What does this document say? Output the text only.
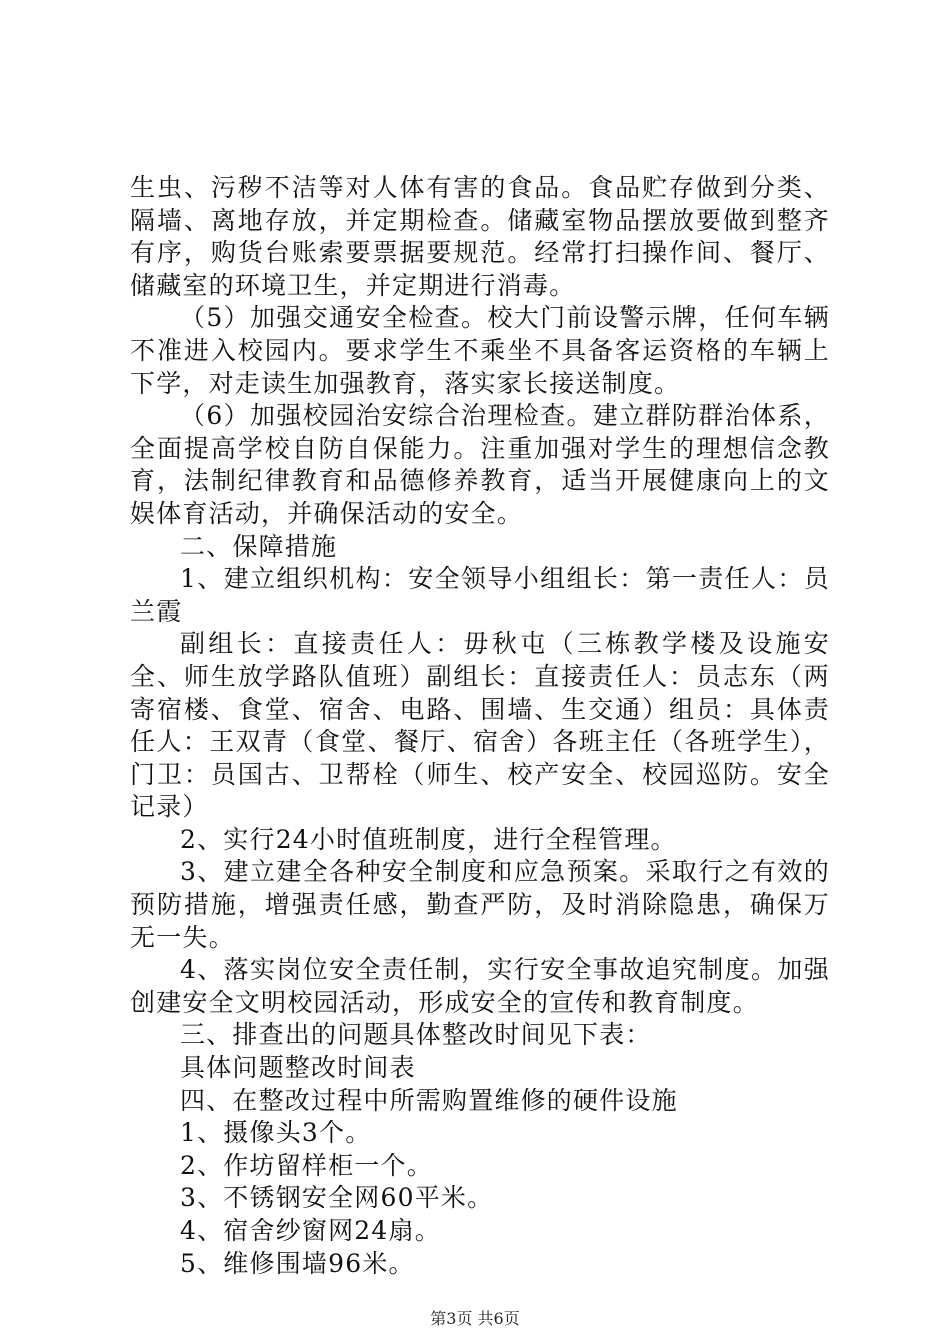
生虫、污秽不洁等对人体有害的食品。食品贮存做到分类、隔墙、离地存放，并定期检查。储藏室物品摆放要做到整齐有序，购货台账索要票据要规范。经常打扫操作间、餐厅、储藏室的环境卫生，并定期进行消毒。

（5）加强交通安全检查。校大门前设警示牌，任何车辆不准进入校园内。要求学生不乘坐不具备客运资格的车辆上下学，对走读生加强教育，落实家长接送制度。

（6）加强校园治安综合治理检查。建立群防群治体系，全面提高学校自防自保能力。注重加强对学生的理想信念教育，法制纪律教育和品德修养教育，适当开展健康向上的文娱体育活动，并确保活动的安全。

二、保障措施

1、建立组织机构：安全领导小组组长：第一责任人：员兰霞

副组长：直接责任人：毋秋屯（三栋教学楼及设施安全、师生放学路队值班）副组长：直接责任人：员志东（两寄宿楼、食堂、宿舍、电路、围墙、生交通）组员：具体责任人：王双青（食堂、餐厅、宿舍）各班主任（各班学生），门卫：员国古、卫帮栓（师生、校产安全、校园巡防。安全记录）

2、实行24小时值班制度，进行全程管理。

3、建立建全各种安全制度和应急预案。采取行之有效的预防措施，增强责任感，勤查严防，及时消除隐患，确保万无一失。

4、落实岗位安全责任制，实行安全事故追究制度。加强创建安全文明校园活动，形成安全的宣传和教育制度。

三、排查出的问题具体整改时间见下表：

具体问题整改时间表

四、在整改过程中所需购置维修的硬件设施

1、摄像头3个。

2、作坊留样柜一个。

3、不锈钢安全网60平米。

4、宿舍纱窗网24扇。

5、维修围墙96米。

第3页 共6页
